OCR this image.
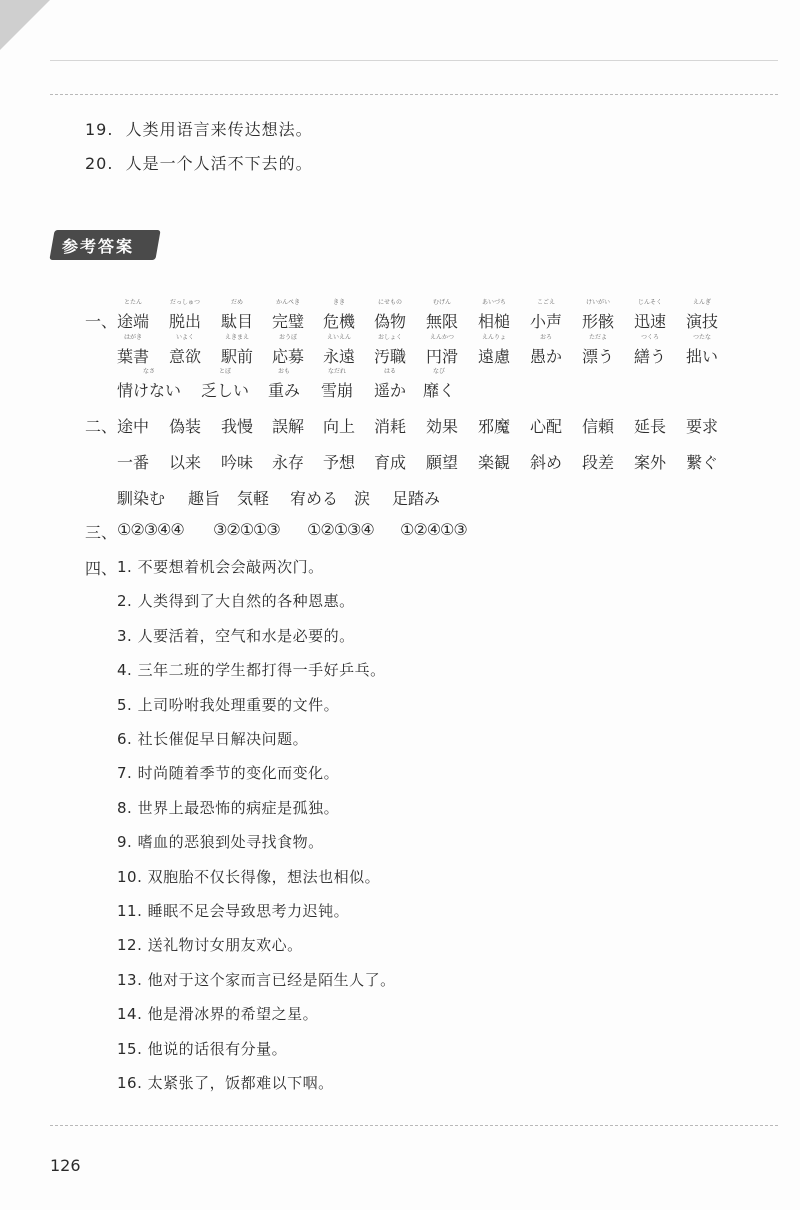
19. 人类用语言来传达想法。
20. 人是一个人活不下去的。
参考答案
一、
とたん
途端
だっしゅつ
脱出
だめ
駄目
かんぺき
完璧
きき
危機
にせもの
偽物
むげん
無限
あいづち
相槌
こごえ
小声
けいがい
形骸
じんそく
迅速
えんぎ
演技
はがき
葉書
いよく
意欲
えきまえ
駅前
おうぼ
応募
えいえん
永遠
おしょく
汚職
えんかつ
円滑
えんりょ
遠慮
おろ
愚か
ただよ
漂う
つくろ
繕う
つたな
拙い
なさ
情けない
とぼ
乏しい
おも
重み
なだれ
雪崩
はる
遥か
なび
靡く
二、 途中 偽装 我慢 誤解 向上 消耗 効果 邪魔 心配 信頼 延長 要求
一番 以来 吟味 永存 予想 育成 願望 楽観 斜め 段差 案外 繋ぐ
馴染む 趣旨 気軽 宥める 涙 足踏み
三、 ①②③④④ ③②①①③ ①②①③④ ①②④①③
四、 1. 不要想着机会会敲两次门。
2. 人类得到了大自然的各种恩惠。
3. 人要活着，空气和水是必要的。
4. 三年二班的学生都打得一手好乒乓。
5. 上司吩咐我处理重要的文件。
6. 社长催促早日解决问题。
7. 时尚随着季节的变化而变化。
8. 世界上最恐怖的病症是孤独。
9. 嗜血的恶狼到处寻找食物。
10. 双胞胎不仅长得像，想法也相似。
11. 睡眠不足会导致思考力迟钝。
12. 送礼物讨女朋友欢心。
13. 他对于这个家而言已经是陌生人了。
14. 他是滑冰界的希望之星。
15. 他说的话很有分量。
16. 太紧张了，饭都难以下咽。
126
